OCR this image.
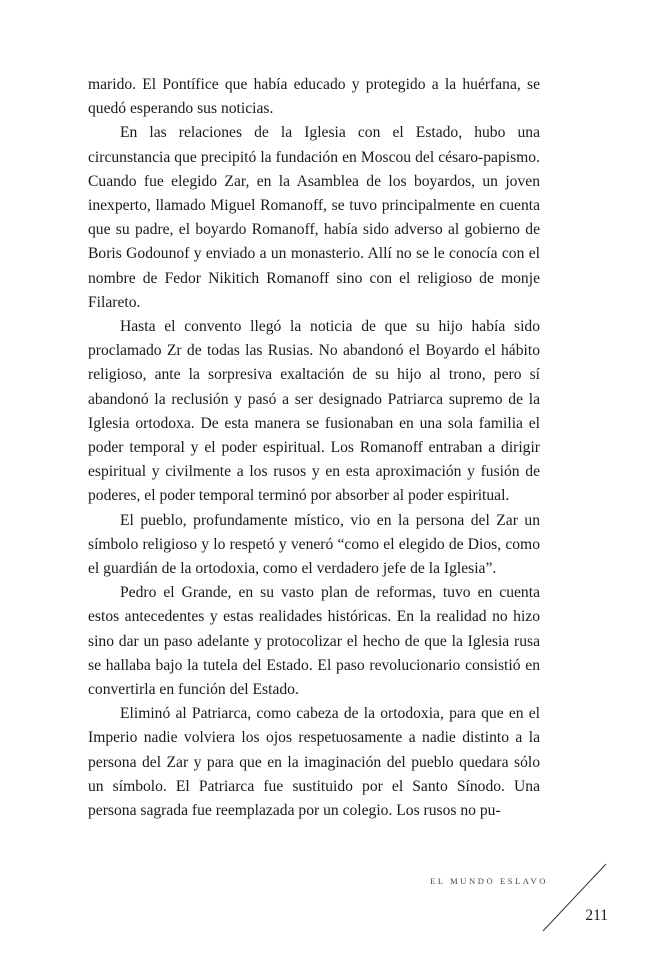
marido. El Pontífice que había educado y protegido a la huérfana, se quedó esperando sus noticias.

En las relaciones de la Iglesia con el Estado, hubo una circunstancia que precipitó la fundación en Moscou del césaro-papismo. Cuando fue elegido Zar, en la Asamblea de los boyardos, un joven inexperto, llamado Miguel Romanoff, se tuvo principalmente en cuenta que su padre, el boyardo Romanoff, había sido adverso al gobierno de Boris Godounof y enviado a un monasterio. Allí no se le conocía con el nombre de Fedor Nikitich Romanoff sino con el religioso de monje Filareto.

Hasta el convento llegó la noticia de que su hijo había sido proclamado Zr de todas las Rusias. No abandonó el Boyardo el hábito religioso, ante la sorpresiva exaltación de su hijo al trono, pero sí abandonó la reclusión y pasó a ser designado Patriarca supremo de la Iglesia ortodoxa. De esta manera se fusionaban en una sola familia el poder temporal y el poder espiritual. Los Romanoff entraban a dirigir espiritual y civilmente a los rusos y en esta aproximación y fusión de poderes, el poder temporal terminó por absorber al poder espiritual.

El pueblo, profundamente místico, vio en la persona del Zar un símbolo religioso y lo respetó y veneró “como el elegido de Dios, como el guardián de la ortodoxia, como el verdadero jefe de la Iglesia”.

Pedro el Grande, en su vasto plan de reformas, tuvo en cuenta estos antecedentes y estas realidades históricas. En la realidad no hizo sino dar un paso adelante y protocolizar el hecho de que la Iglesia rusa se hallaba bajo la tutela del Estado. El paso revolucionario consistió en convertirla en función del Estado.

Eliminó al Patriarca, como cabeza de la ortodoxia, para que en el Imperio nadie volviera los ojos respetuosamente a nadie distinto a la persona del Zar y para que en la imaginación del pueblo quedara sólo un símbolo. El Patriarca fue sustituido por el Santo Sínodo. Una persona sagrada fue reemplazada por un colegio. Los rusos no pu-

EL MUNDO ESLAVO
211
